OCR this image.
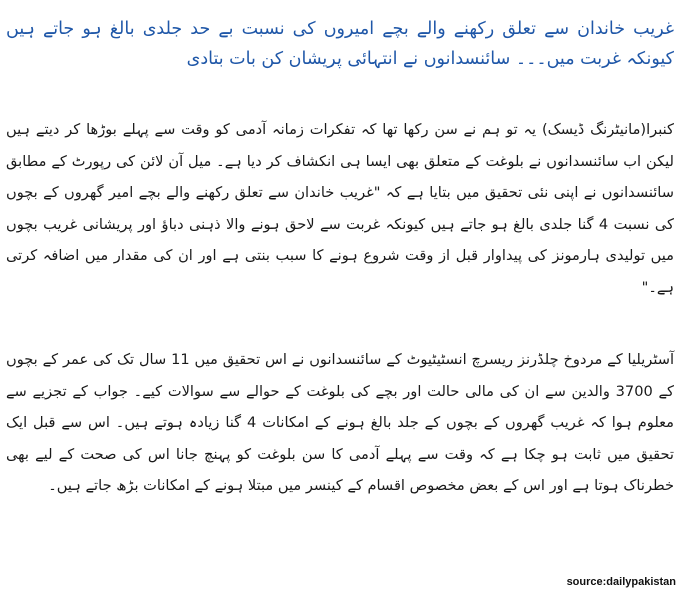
غریب خاندان سے تعلق رکھنے والے بچے امیروں کی نسبت بے حد جلدی بالغ ہو جاتے ہیں کیونکہ غربت میں۔۔۔ سائنسدانوں نے انتہائی پریشان کن بات بتادی
کنبرا(مانیٹرنگ ڈیسک) یہ تو ہم نے سن رکھا تھا کہ تفکرات زمانہ آدمی کو وقت سے پہلے بوڑھا کر دیتے ہیں لیکن اب سائنسدانوں نے بلوغت کے متعلق بھی ایسا ہی انکشاف کر دیا ہے۔ میل آن لائن کی رپورٹ کے مطابق سائنسدانوں نے اپنی نئی تحقیق میں بتایا ہے کہ "غریب خاندان سے تعلق رکھنے والے بچے امیر گھروں کے بچوں کی نسبت 4 گنا جلدی بالغ ہو جاتے ہیں کیونکہ غربت سے لاحق ہونے والا ذہنی دباؤ اور پریشانی غریب بچوں میں تولیدی ہارمونز کی پیداوار قبل از وقت شروع ہونے کا سبب بنتی ہے اور ان کی مقدار میں اضافہ کرتی ہے۔"
آسٹریلیا کے مردوخ چلڈرنز ریسرچ انسٹیٹیوٹ کے سائنسدانوں نے اس تحقیق میں 11 سال تک کی عمر کے بچوں کے 3700 والدین سے ان کی مالی حالت اور بچے کی بلوغت کے حوالے سے سوالات کیے۔ جواب کے تجزیے سے معلوم ہوا کہ غریب گھروں کے بچوں کے جلد بالغ ہونے کے امکانات 4 گنا زیادہ ہوتے ہیں۔ اس سے قبل ایک تحقیق میں ثابت ہو چکا ہے کہ وقت سے پہلے آدمی کا سن بلوغت کو پہنچ جانا اس کی صحت کے لیے بھی خطرناک ہوتا ہے اور اس کے بعض مخصوص اقسام کے کینسر میں مبتلا ہونے کے امکانات بڑھ جاتے ہیں۔
source:dailypakistan
